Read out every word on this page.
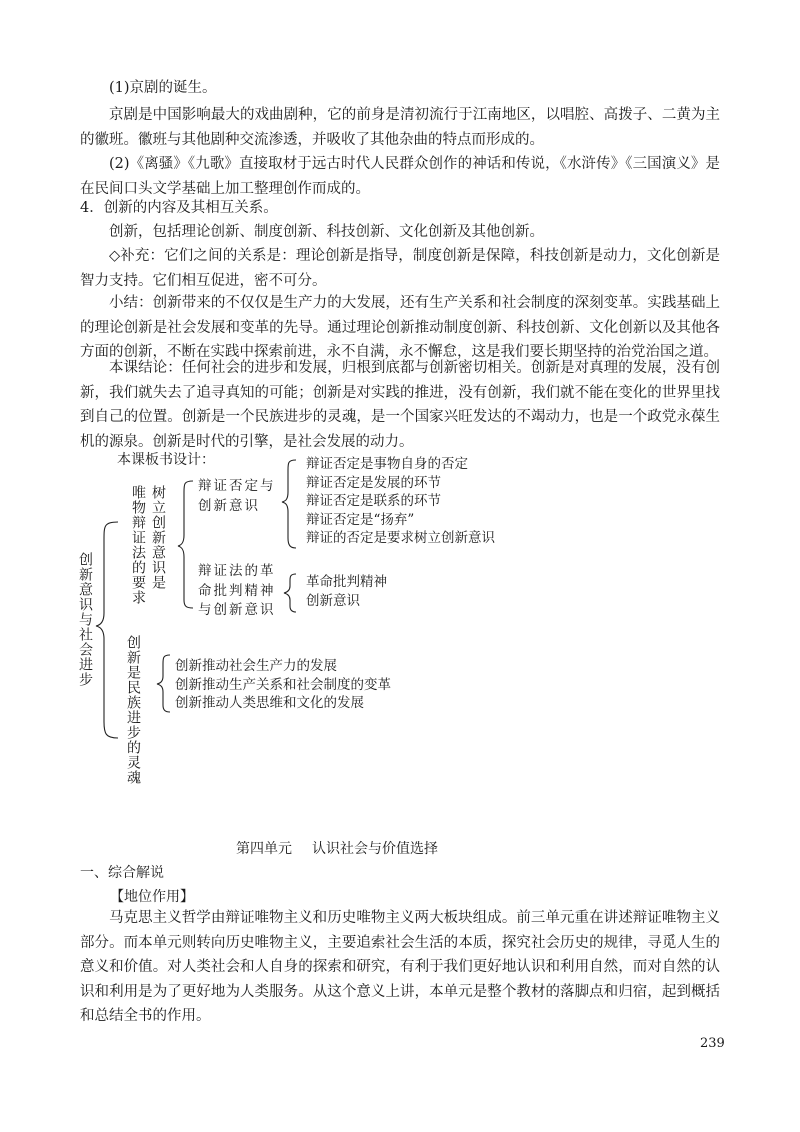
(1)京剧的诞生。

京剧是中国影响最大的戏曲剧种，它的前身是清初流行于江南地区，以唱腔、高拨子、二黄为主的徽班。徽班与其他剧种交流渗透，并吸收了其他杂曲的特点而形成的。

(2)《离骚》《九歌》直接取材于远古时代人民群众创作的神话和传说，《水浒传》《三国演义》是在民间口头文学基础上加工整理创作而成的。

4．创新的内容及其相互关系。

创新，包括理论创新、制度创新、科技创新、文化创新及其他创新。

◇补充：它们之间的关系是：理论创新是指导，制度创新是保障，科技创新是动力，文化创新是智力支持。它们相互促进，密不可分。

小结：创新带来的不仅仅是生产力的大发展，还有生产关系和社会制度的深刻变革。实践基础上的理论创新是社会发展和变革的先导。通过理论创新推动制度创新、科技创新、文化创新以及其他各方面的创新，不断在实践中探索前进，永不自满，永不懈怠，这是我们要长期坚持的治党治国之道。

本课结论：任何社会的进步和发展，归根到底都与创新密切相关。创新是对真理的发展，没有创新，我们就失去了追寻真知的可能；创新是对实践的推进，没有创新，我们就不能在变化的世界里找到自己的位置。创新是一个民族进步的灵魂，是一个国家兴旺发达的不竭动力，也是一个政党永葆生机的源泉。创新是时代的引擎，是社会发展的动力。

本课板书设计：
创新意识与社会进步
唯物辩证法的要求 树立创新意识是 辩证否定与创新意识
辩证否定是事物自身的否定
辩证否定是发展的环节
辩证否定是联系的环节
辩证否定是“扬弃”
辩证的否定是要求树立创新意识
辩证法的革命批判精神与创新意识
革命批判精神
创新意识
创新是民族进步的灵魂	创新推动社会生产力的发展
创新推动生产关系和社会制度的变革
创新推动人类思维和文化的发展
第四单元 认识社会与价值选择
一、综合解说
【地位作用】

马克思主义哲学由辩证唯物主义和历史唯物主义两大板块组成。前三单元重在讲述辩证唯物主义部分。而本单元则转向历史唯物主义，主要追索社会生活的本质，探究社会历史的规律，寻觅人生的意义和价值。对人类社会和人自身的探索和研究，有利于我们更好地认识和利用自然，而对自然的认识和利用是为了更好地为人类服务。从这个意义上讲，本单元是整个教材的落脚点和归宿，起到概括和总结全书的作用。

239
